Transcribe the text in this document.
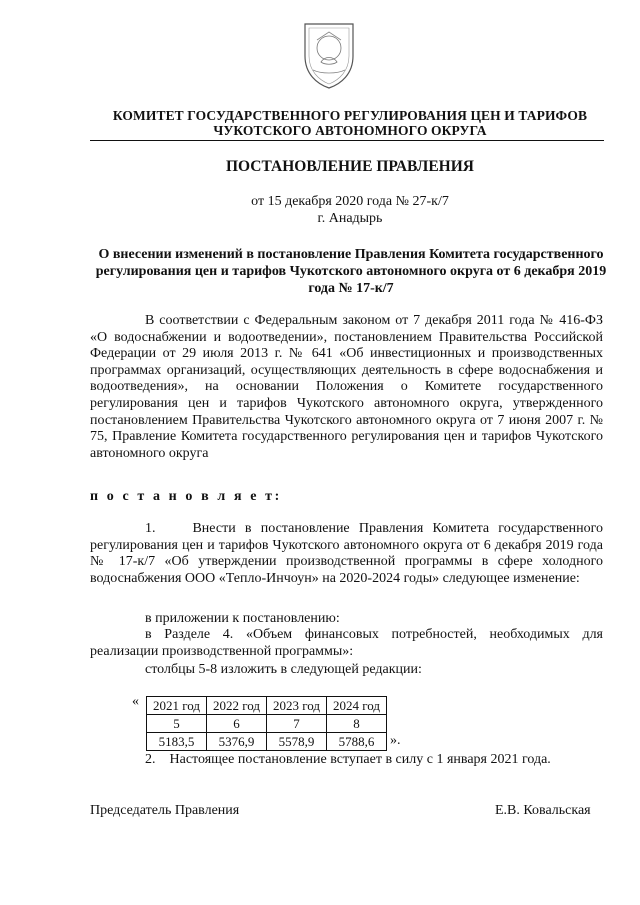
КОМИТЕТ ГОСУДАРСТВЕННОГО РЕГУЛИРОВАНИЯ ЦЕН И ТАРИФОВ
ЧУКОТСКОГО АВТОНОМНОГО ОКРУГА
ПОСТАНОВЛЕНИЕ ПРАВЛЕНИЯ
от 15 декабря 2020 года № 27-к/7
г. Анадырь
О внесении изменений в постановление Правления Комитета государственного регулирования цен и тарифов Чукотского автономного округа от 6 декабря 2019 года № 17-к/7

В соответствии с Федеральным законом от 7 декабря 2011 года № 416-ФЗ «О водоснабжении и водоотведении», постановлением Правительства Российской Федерации от 29 июля 2013 г. № 641 «Об инвестиционных и производственных программах организаций, осуществляющих деятельность в сфере водоснабжения и водоотведения», на основании Положения о Комитете государственного регулирования цен и тарифов Чукотского автономного округа, утвержденного постановлением Правительства Чукотского автономного округа от 7 июня 2007 г. № 75, Правление Комитета государственного регулирования цен и тарифов Чукотского автономного округа

п о с т а н о в л я е т:

1.    Внести в постановление Правления Комитета государственного регулирования цен и тарифов Чукотского автономного округа от 6 декабря 2019 года № 17-к/7 «Об утверждении производственной программы в сфере холодного водоснабжения ООО «Тепло-Инчоун» на 2020-2024 годы» следующее изменение:

в приложении к постановлению:

в Разделе 4. «Объем финансовых потребностей, необходимых для реализации производственной программы»:

столбцы 5-8 изложить в следующей редакции:
« 2021 год	2022 год	2023 год	2024 год
5	6	7	8
5183,5	5376,9	5578,9	5788,6 ».
2.    Настоящее постановление вступает в силу с 1 января 2021 года.
Председатель Правления	Е.В. Ковальская
